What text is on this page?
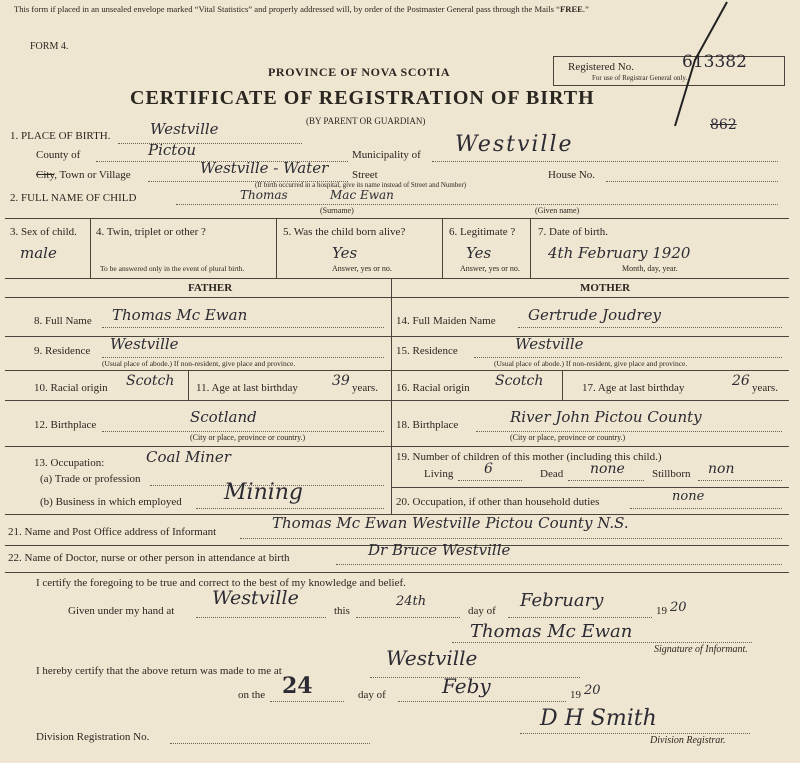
This form if placed in an unsealed envelope marked “Vital Statistics” and properly addressed will, by order of the Postmaster General pass through the Mails “FREE.”
FORM 4.
PROVINCE OF NOVA SCOTIA
CERTIFICATE OF REGISTRATION OF BIRTH
(BY PARENT OR GUARDIAN)
Registered No.
For use of Registrar General only.
613382
862
1. PLACE OF BIRTH.	Westville
County of	Pictou	Municipality of Westville
City, Town or Village	Westville - Water Street	House No.
(If birth occurred in a hospital, give its name instead of Street and Number)
2. FULL NAME OF CHILD	Thomas	Mac Ewan
(Surname)	(Given name)
3. Sex of child.
male
4. Twin, triplet or other ?
To be answered only in the event of plural birth.
5. Was the child born alive?
Yes
Answer, yes or no.
6. Legitimate ?
Yes
Answer, yes or no.
7. Date of birth.
4th February 1920
Month, day, year.
FATHER	MOTHER
8. Full Name Thomas Mc Ewan
9. Residence Westville
(Usual place of abode.) If non-resident, give place and province.
10. Racial origin Scotch 11. Age at last birthday 39 years.
12. Birthplace	Scotland
(City or place, province or country.)
13. Occupation:	Coal Miner
(a) Trade or profession
(b) Business in which employed Mining
14. Full Maiden Name Gertrude Joudrey
15. Residence	Westville
(Usual place of abode.) If non-resident, give place and province.
16. Racial origin Scotch	17. Age at last birthday	26 years.
18. Birthplace	River John Pictou County
(City or place, province or country.)
19. Number of children of this mother (including this child.)
Living 6	Dead none Stillborn non
20. Occupation, if other than household duties	none
21. Name and Post Office address of Informant	Thomas Mc Ewan Westville Pictou County N.S.
22. Name of Doctor, nurse or other person in attendance at birth	Dr Bruce Westville
I certify the foregoing to be true and correct to the best of my knowledge and belief.
Given under my hand at
Westville
this
24th
day of February	19 20
Thomas Mc Ewan
Signature of Informant.
I hereby certify that the above return was made to me at
Westville
on the 24	day of	Feby	19 20
Division Registration No.
D H Smith
Division Registrar.
